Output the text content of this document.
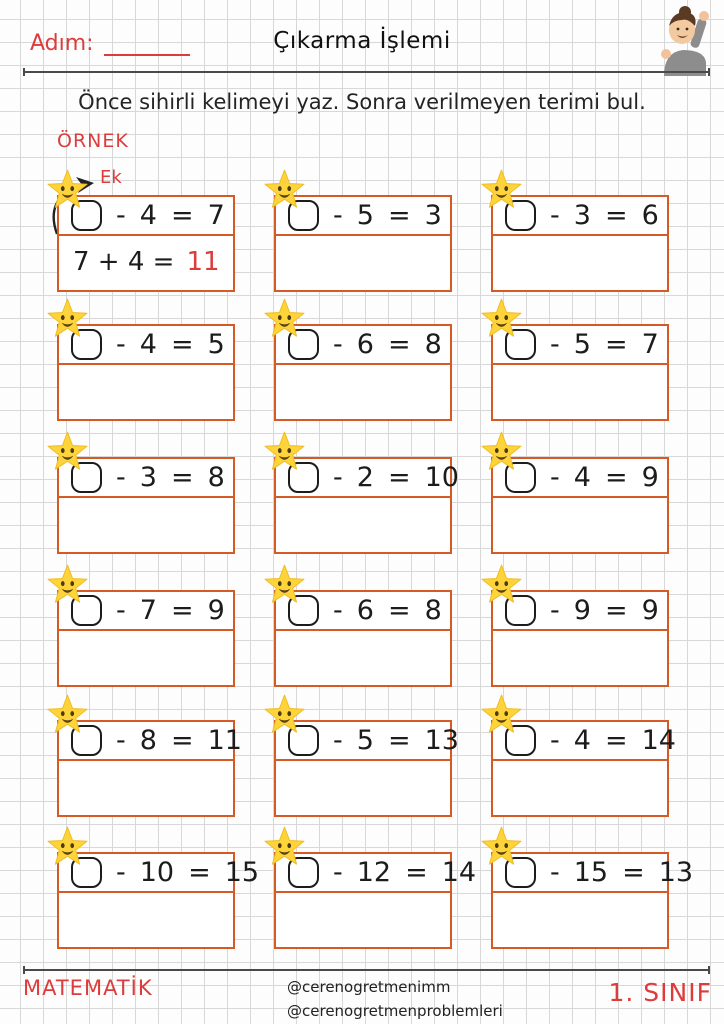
Adım:	Çıkarma İşlemi

Önce sihirli kelimeyi yaz. Sonra verilmeyen terimi bul.

ÖRNEK
Ek
- 4 = 7
7 + 4 = 11
- 5 = 3	- 3 = 6
- 4 = 5	- 6 = 8	- 5 = 7
- 3 = 8	- 2 = 10	- 4 = 9
- 7 = 9	- 6 = 8	- 9 = 9
- 8 = 11	- 5 = 13	- 4 = 14
- 10 = 15	- 12 = 14	- 15 = 13
MATEMATİK	@cerenogretmenimm
@cerenogretmenproblemleri
1. SINIF
